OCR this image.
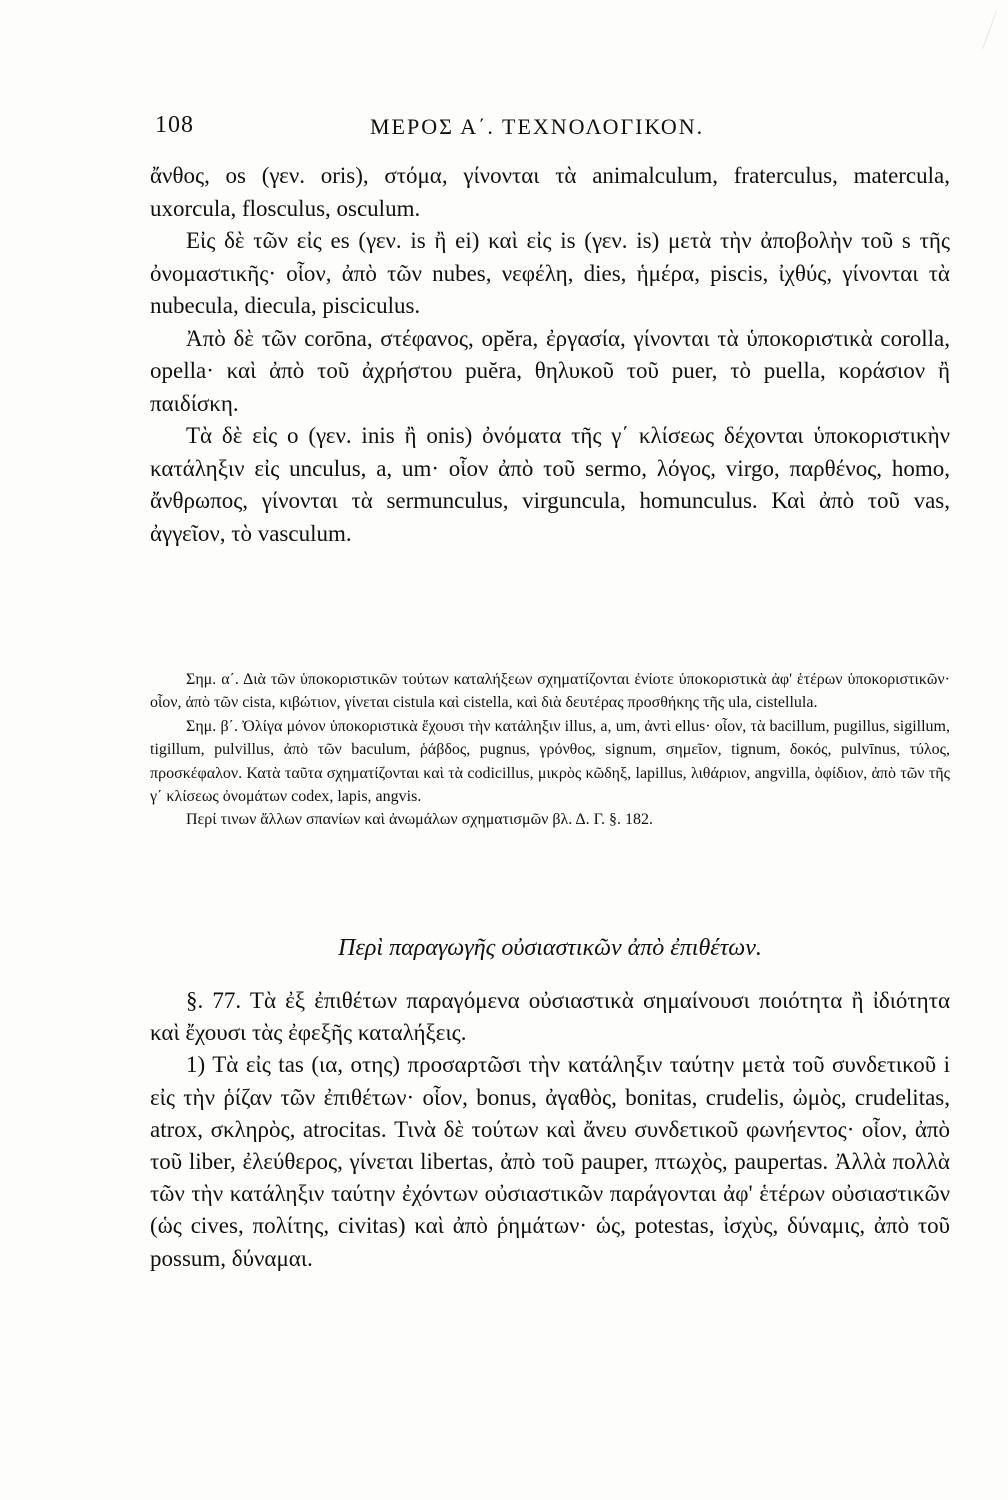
108	ΜΕΡΟΣ Α΄. ΤΕΧΝΟΛΟΓΙΚΟΝ.

ἄνθος, os (γεν. oris), στόμα, γίνονται τὰ animalculum, fraterculus, matercula, uxorcula, flosculus, osculum.

Εἰς δὲ τῶν εἰς es (γεν. is ἢ ei) καὶ εἰς is (γεν. is) μετὰ τὴν ἀποβολὴν τοῦ s τῆς ὀνομαστικῆς· οἷον, ἀπὸ τῶν nubes, νεφέλη, dies, ἡμέρα, piscis, ἰχθύς, γίνονται τὰ nubecula, diecula, pisciculus.

Ἀπὸ δὲ τῶν corōna, στέφανος, opĕra, ἐργασία, γίνονται τὰ ὑποκοριστικὰ corolla, opella· καὶ ἀπὸ τοῦ ἀχρήστου puĕra, θηλυκοῦ τοῦ puer, τὸ puella, κοράσιον ἢ παιδίσκη.

Τὰ δὲ εἰς o (γεν. inis ἢ onis) ὀνόματα τῆς γ΄ κλίσεως δέχονται ὑποκοριστικὴν κατάληξιν εἰς unculus, a, um· οἷον ἀπὸ τοῦ sermo, λόγος, virgo, παρθένος, homo, ἄνθρωπος, γίνονται τὰ sermunculus, virguncula, homunculus. Καὶ ἀπὸ τοῦ vas, ἀγγεῖον, τὸ vasculum.

Σημ. α΄. Διὰ τῶν ὑποκοριστικῶν τούτων καταλήξεων σχηματίζονται ἐνίοτε ὑποκοριστικὰ ἀφ' ἑτέρων ὑποκοριστικῶν· οἷον, ἀπὸ τῶν cista, κιβώτιον, γίνεται cistula καὶ cistella, καὶ διὰ δευτέρας προσθήκης τῆς ula, cistellula.

Σημ. β΄. Ὀλίγα μόνον ὑποκοριστικὰ ἔχουσι τὴν κατάληξιν illus, a, um, ἀντὶ ellus· οἷον, τὰ bacillum, pugillus, sigillum, tigillum, pulvillus, ἀπὸ τῶν baculum, ῥάβδος, pugnus, γρόνθος, signum, σημεῖον, tignum, δοκός, pulvīnus, τύλος, προσκέφαλον. Κατὰ ταῦτα σχηματίζονται καὶ τὰ codicillus, μικρὸς κῶδηξ, lapillus, λιθάριον, angvilla, ὀφίδιον, ἀπὸ τῶν τῆς γ΄ κλίσεως ὀνομάτων codex, lapis, angvis.

Περί τινων ἄλλων σπανίων καὶ ἀνωμάλων σχηματισμῶν βλ. Δ. Γ. §. 182.

Περὶ παραγωγῆς οὐσιαστικῶν ἀπὸ ἐπιθέτων.

§. 77. Τὰ ἐξ ἐπιθέτων παραγόμενα οὐσιαστικὰ σημαίνουσι ποιότητα ἢ ἰδιότητα καὶ ἔχουσι τὰς ἐφεξῆς καταλήξεις.

1) Τὰ εἰς tas (ια, οτης) προσαρτῶσι τὴν κατάληξιν ταύτην μετὰ τοῦ συνδετικοῦ i εἰς τὴν ῥίζαν τῶν ἐπιθέτων· οἷον, bonus, ἀγαθὸς, bonitas, crudelis, ὠμὸς, crudelitas, atrox, σκληρὸς, atrocitas. Τινὰ δὲ τούτων καὶ ἄνευ συνδετικοῦ φωνήεντος· οἷον, ἀπὸ τοῦ liber, ἐλεύθερος, γίνεται libertas, ἀπὸ τοῦ pauper, πτωχὸς, paupertas. Ἀλλὰ πολλὰ τῶν τὴν κατάληξιν ταύτην ἐχόντων οὐσιαστικῶν παράγονται ἀφ' ἑτέρων οὐσιαστικῶν (ὡς cives, πολίτης, civitas) καὶ ἀπὸ ῥημάτων· ὡς, potestas, ἰσχὺς, δύναμις, ἀπὸ τοῦ possum, δύναμαι.
